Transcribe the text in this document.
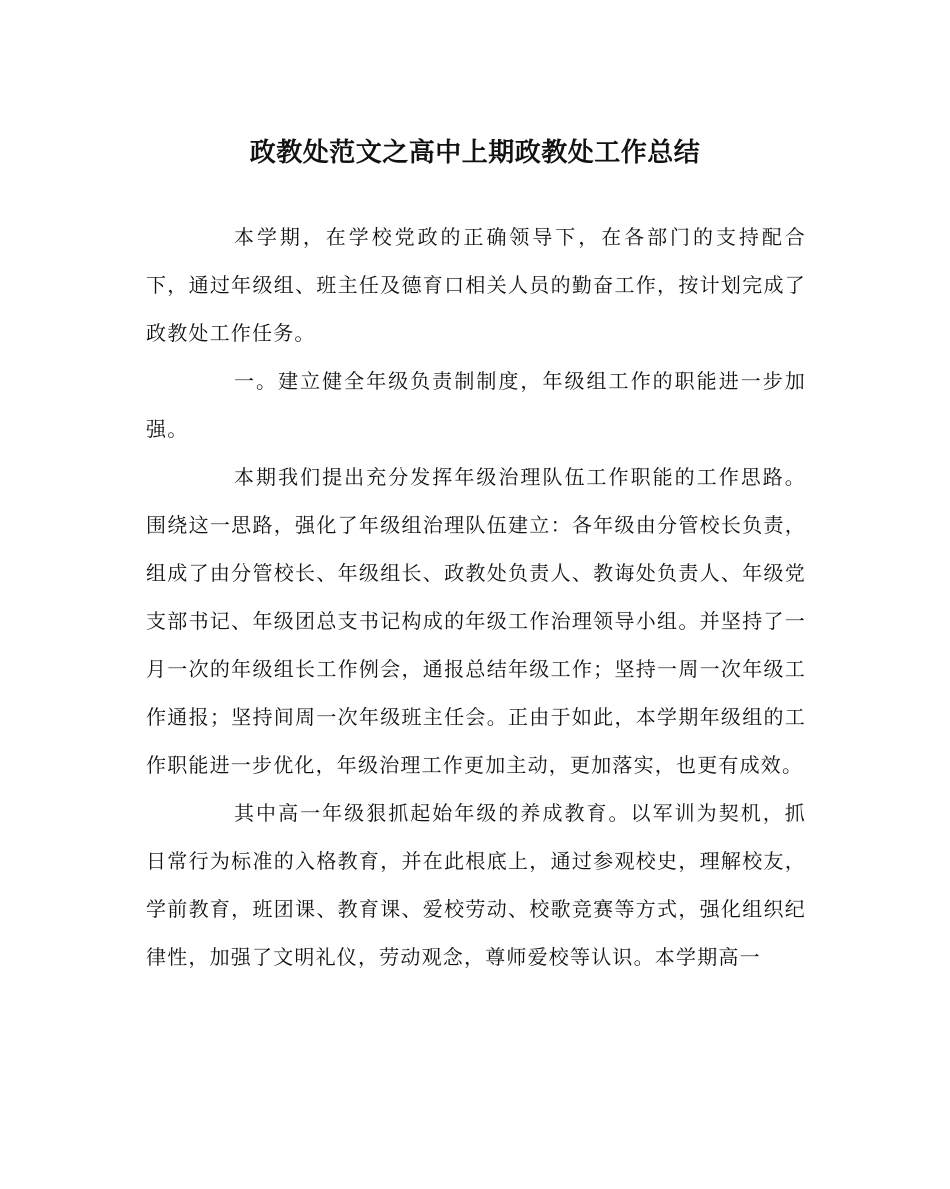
政教处范文之高中上期政教处工作总结

本学期，在学校党政的正确领导下，在各部门的支持配合下，通过年级组、班主任及德育口相关人员的勤奋工作，按计划完成了政教处工作任务。

一。建立健全年级负责制制度，年级组工作的职能进一步加强。

本期我们提出充分发挥年级治理队伍工作职能的工作思路。围绕这一思路，强化了年级组治理队伍建立：各年级由分管校长负责，组成了由分管校长、年级组长、政教处负责人、教诲处负责人、年级党支部书记、年级团总支书记构成的年级工作治理领导小组。并坚持了一月一次的年级组长工作例会，通报总结年级工作；坚持一周一次年级工作通报；坚持间周一次年级班主任会。正由于如此，本学期年级组的工作职能进一步优化，年级治理工作更加主动，更加落实，也更有成效。

其中高一年级狠抓起始年级的养成教育。以军训为契机，抓日常行为标准的入格教育，并在此根底上，通过参观校史，理解校友，学前教育，班团课、教育课、爱校劳动、校歌竞赛等方式，强化组织纪律性，加强了文明礼仪，劳动观念，尊师爱校等认识。本学期高一
